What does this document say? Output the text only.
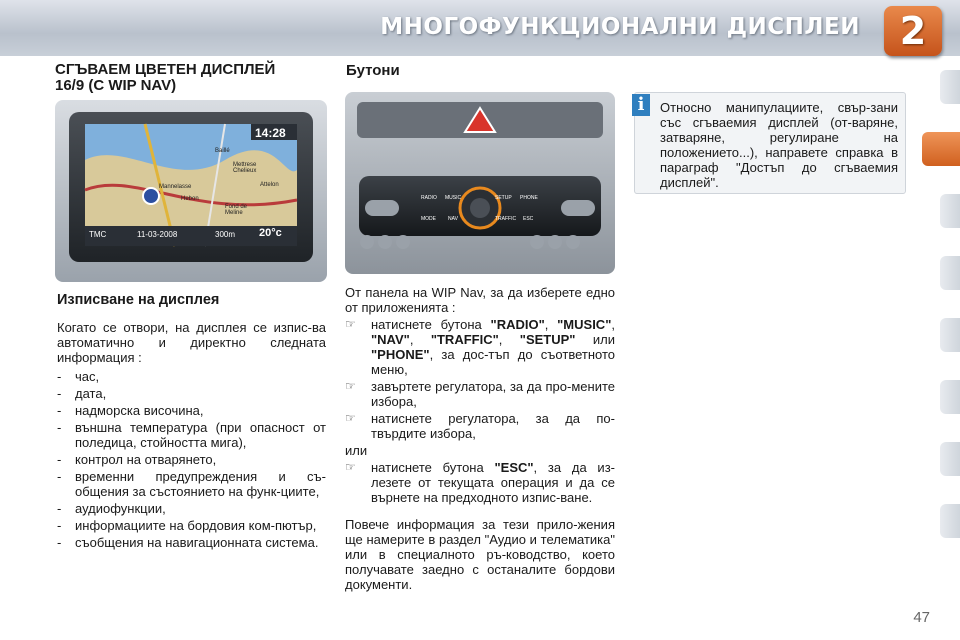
МНОГОФУНКЦИОНАЛНИ ДИСПЛЕИ	2
СГЪВАЕМ ЦВЕТЕН ДИСПЛЕЙ
16/9 (С WIP NAV)
14:28
TMC	11-03-2008	300m 20°c
Baillé
Mettrese Chelieux
Attelon
Mannelasse
Hebon
Fond de Meline
Изписване на дисплея
Когато се отвори, на дисплея се изпис-ва автоматично и директно следната информация :
-	час,
-	дата,
-	надморска височина,
-	външна температура (при опасност от поледица, стойността мига),
-	контрол на отварянето,
-	временни предупреждения и съ-общения за състоянието на функ-циите,
-	аудиофункции,
-	информациите на бордовия ком-пютър,
-	съобщения на навигационната система.
Бутони
RADIO MUSIC	SETUP PHONE
MODE NAV	TRAFFIC ESC
От панела на WIP Nav, за да изберете едно от приложенията :
☞	натиснете бутона "RADIO", "MUSIC", "NAV", "TRAFFIC", "SETUP" или "PHONE", за дос-тъп до съответното меню,
☞	завъртете регулатора, за да про-мените избора,
☞	натиснете регулатора, за да по-твърдите избора,
или
☞	натиснете бутона "ESC", за да из-лезете от текущата операция и да се върнете на предходното изпис-ване.
Повече информация за тези прило-жения ще намерите в раздел "Аудио и телематика" или в специалното ръ-ководство, което получавате заедно с останалите бордови документи.
i	Относно манипулациите, свър-зани със сгъваемия дисплей (от-варяне, затваряне, регулиране на положението...), направете справка в параграф "Достъп до сгъваемия дисплей".
47
